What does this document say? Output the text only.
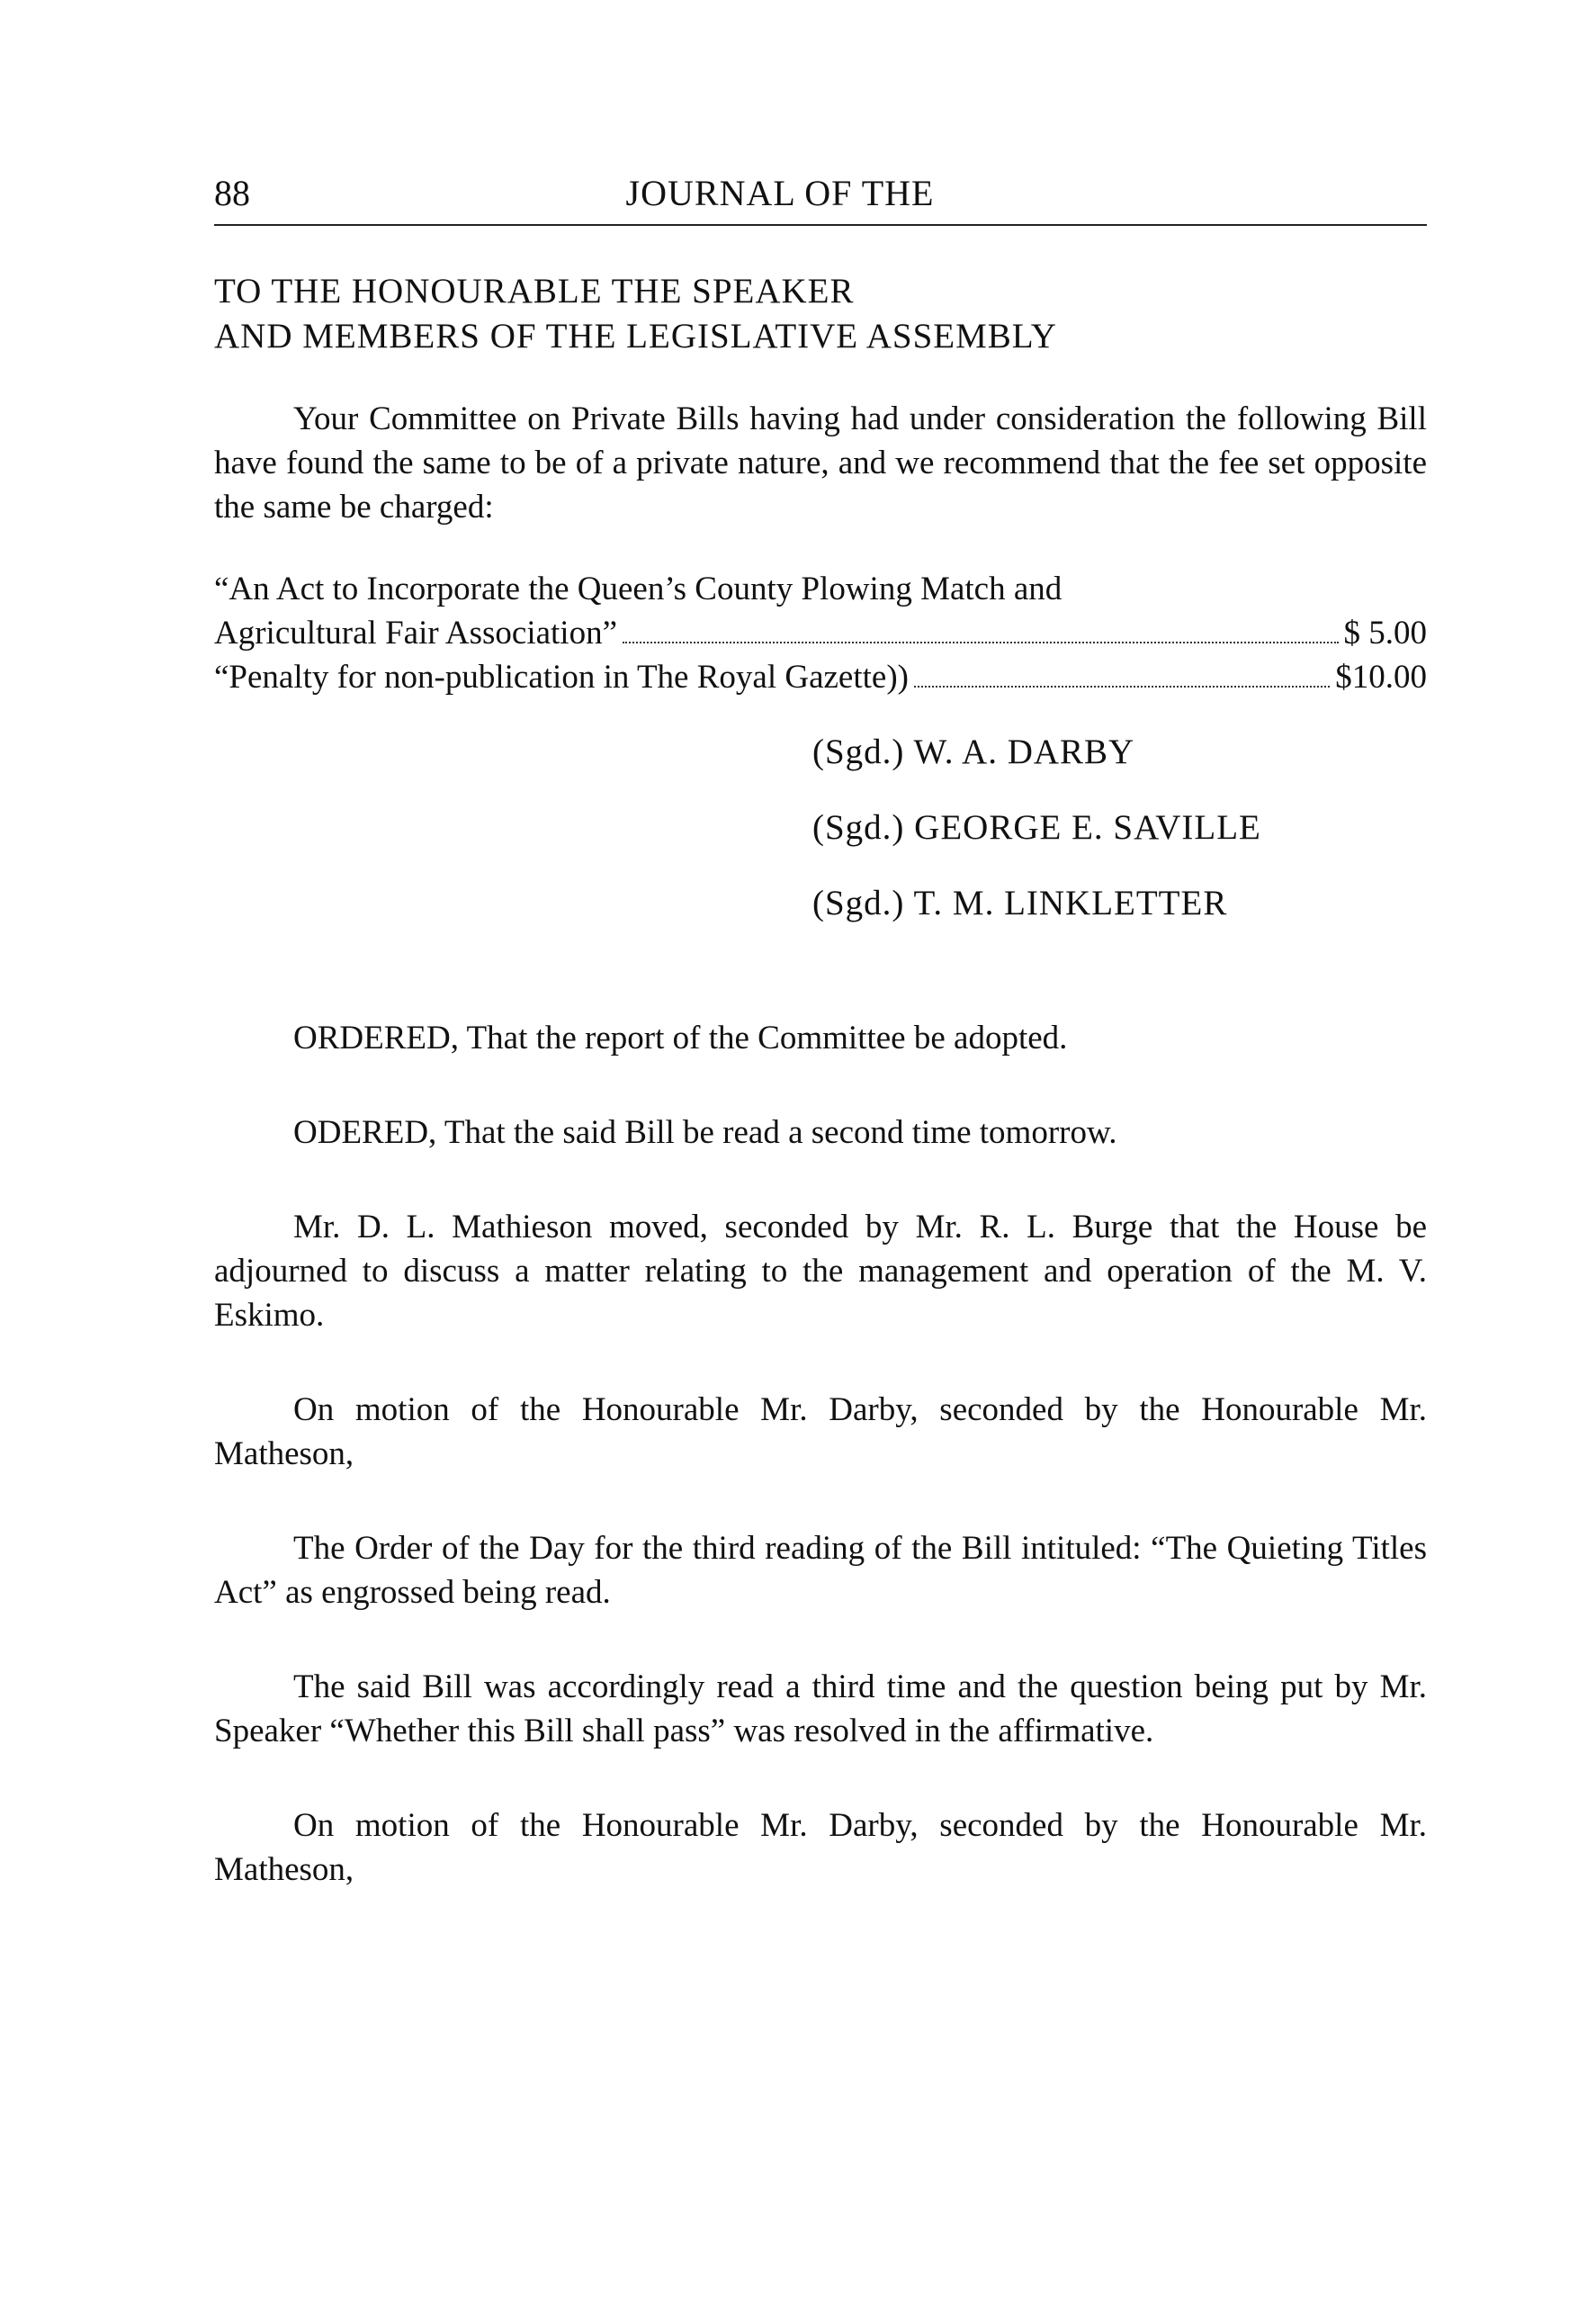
88	JOURNAL OF THE
TO THE HONOURABLE THE SPEAKER
AND MEMBERS OF THE LEGISLATIVE ASSEMBLY

Your Committee on Private Bills having had under consideration the following Bill have found the same to be of a private nature, and we recommend that the fee set opposite the same be charged:

“An Act to Incorporate the Queen’s County Plowing Match and
Agricultural Fair Association”	$ 5.00
“Penalty for non-publication in The Royal Gazette))	$10.00
(Sgd.) W. A. DARBY
(Sgd.) GEORGE E. SAVILLE
(Sgd.) T. M. LINKLETTER

ORDERED, That the report of the Committee be adopted.

ODERED, That the said Bill be read a second time tomorrow.

Mr. D. L. Mathieson moved, seconded by Mr. R. L. Burge that the House be adjourned to discuss a matter relating to the management and operation of the M. V. Eskimo.

On motion of the Honourable Mr. Darby, seconded by the Honourable Mr. Matheson,

The Order of the Day for the third reading of the Bill intituled: “The Quieting Titles Act” as engrossed being read.

The said Bill was accordingly read a third time and the question being put by Mr. Speaker “Whether this Bill shall pass” was resolved in the affirmative.

On motion of the Honourable Mr. Darby, seconded by the Honourable Mr. Matheson,
